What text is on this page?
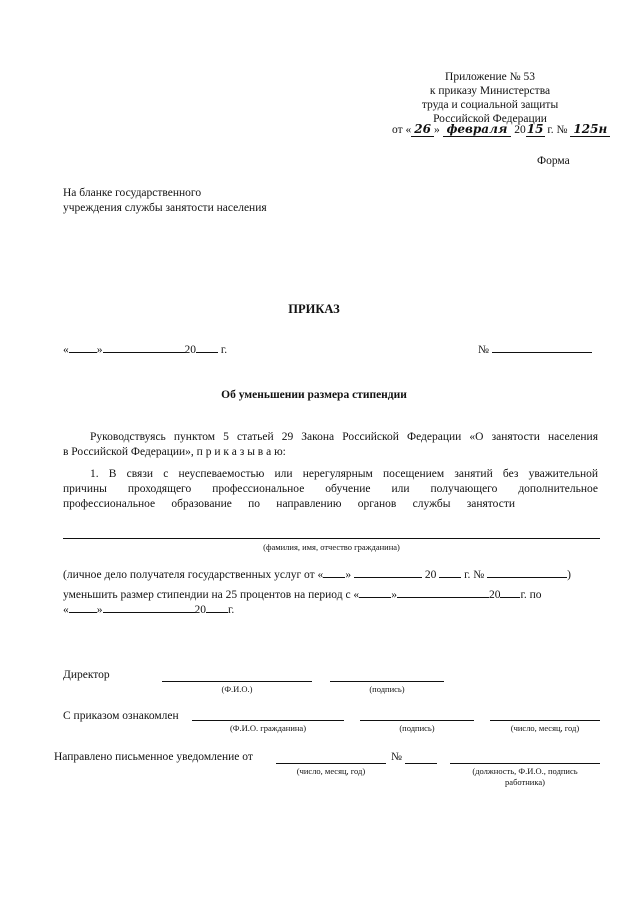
Приложение № 53
к приказу Министерства
труда и социальной защиты
Российской Федерации
от « 26 » февраля 2015 г. № 125н
Форма
На бланке государственного
учреждения службы занятости населения
ПРИКАЗ
« »	20 г.	№
Об уменьшении размера стипендии
Руководствуясь пунктом 5 статьей 29 Закона Российской Федерации «О занятости населения
в Российской Федерации», п р и к а з ы в а ю:
1. В связи с неуспеваемостью или нерегулярным посещением занятий без уважительной
причины проходящего профессиональное обучение или получающего дополнительное
профессиональное образование по направлению органов службы занятости
(фамилия, имя, отчество гражданина)
(личное дело получателя государственных услуг от « »	20 г. №	)
уменьшить размер стипендии на 25 процентов на период с «	»	20 г. по
« »	20 г.
Директор
(Ф.И.О.)	(подпись)
С приказом ознакомлен
(Ф.И.О. гражданина)	(подпись)	(число, месяц, год)
Направлено письменное уведомление от
(число, месяц, год)
№
(должность, Ф.И.О., подпись
работника)
